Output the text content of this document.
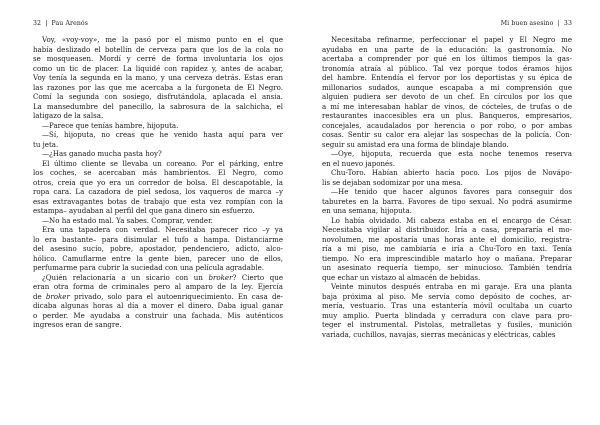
32  |  Pau Arenós
Voy, «voy-voy», me la pasó por el mismo punto en el que
había deslizado el botellín de cerveza para que los de la cola no
se mosqueasen. Mordí y cerré de forma involuntaria los ojos
como un tic de placer. La liquidé con rapidez y, antes de acabar,
Voy tenía la segunda en la mano, y una cerveza detrás. Estas eran
las razones por las que me acercaba a la furgoneta de El Negro.
Comí la segunda con sosiego, disfrutándola, aplacada el ansia.
La mansedumbre del panecillo, la sabrosura de la salchicha, el
latigazo de la salsa.
—Parece que tenías hambre, hijoputa.
—Sí, hijoputa, no creas que he venido hasta aquí para ver
tu jeta.
—¿Has ganado mucha pasta hoy?
El último cliente se llevaba un coreano. Por el párking, entre
los coches, se acercaban más hambrientos. El Negro, como
otros, creía que yo era un corredor de bolsa. El descapotable, la
ropa cara. La cazadora de piel sedosa, los vaqueros de marca –y
esas extravagantes botas de trabajo que esta vez rompían con la
estampa– ayudaban al perfil del que gana dinero sin esfuerzo.
—No ha estado mal. Ya sabes. Comprar, vender.
Era una tapadera con verdad. Necesitaba parecer rico –y ya
lo era bastante– para disimular el tufo a hampa. Distanciarme
del asesino sucio, pobre, apostador, pendenciero, adicto, alco-
hólico. Camuflarme entre la gente bien, parecer uno de ellos,
perfumarme para cubrir la suciedad con una película agradable.
¿Quién relacionaría a un sicario con un broker? Cierto que
eran otra forma de criminales pero al amparo de la ley. Ejercía
de broker privado, solo para el autoenriquecimiento. En casa de-
dicaba algunas horas al día a mover el dinero. Daba igual ganar
o perder. Me ayudaba a construir una fachada. Mis auténticos
ingresos eran de sangre.
Mi buen asesino  |  33
Necesitaba refinarme, perfeccionar el papel y El Negro me
ayudaba en una parte de la educación: la gastronomía. No
acertaba a comprender por qué en los últimos tiempos la gas-
tronomía atraía al público. Tal vez porque todos éramos hijos
del hambre. Entendía el fervor por los deportistas y su épica de
millonarios sudados, aunque escapaba a mi comprensión que
alguien pudiera ser devoto de un chef. En círculos por los que
a mí me interesaban hablar de vinos, de cócteles, de trufas o de
restaurantes inaccesibles era un plus. Banqueros, empresarios,
concejales, acaudalados por herencia o por robo, o por ambas
cosas. Sentir su calor era alejar las sospechas de la policía. Con-
seguir su amistad era una forma de blindaje blando.
—Oye, hijoputa, recuerda que esta noche tenemos reserva
en el nuevo japonés.
Chu-Toro. Habían abierto hacía poco. Los pijos de Novápo-
lis se dejaban sodomizar por una mesa.
—He tenido que hacer algunos favores para conseguir dos
taburetes en la barra. Favores de tipo sexual. No podrá asumirme
en una semana, hijoputa.
Lo había olvidado. Mi cabeza estaba en el encargo de César.
Necesitaba vigilar al distribuidor. Iría a casa, prepararía el mo-
novolumen, me apostaría unas horas ante el domicilio, registra-
ría a mi piso, me cambiaría e iría a Chu-Toro en taxi. Tenía
tiempo. No era imprescindible matarlo hoy o mañana. Preparar
un asesinato requería tiempo, ser minucioso. También tendría
que echar un vistazo al almacén de bebidas.
Veinte minutos después entraba en mi garaje. Era una planta
baja próxima al piso. Me servía como depósito de coches, ar-
mería, vestuario. Tras una estantería móvil ocultaba un cuarto
muy amplio. Puerta blindada y cerradura con clave para pro-
teger el instrumental. Pistolas, metralletas y fusiles, munición
variada, cuchillos, navajas, sierras mecánicas y eléctricas, cables
